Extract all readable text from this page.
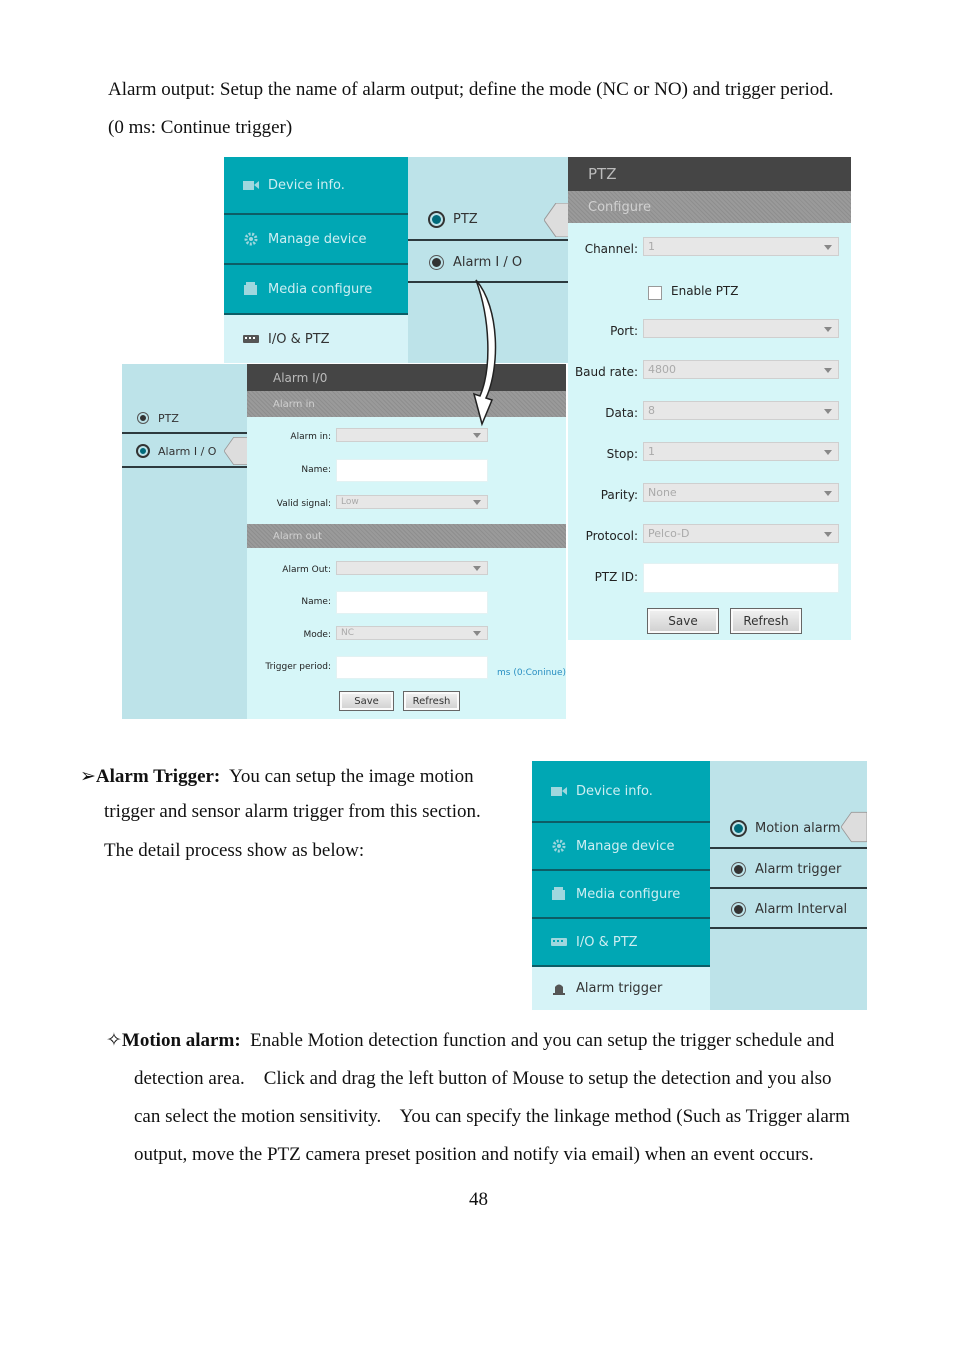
Alarm output: Setup the name of alarm output; define the mode (NC or NO) and trigger period.
(0 ms: Continue trigger)
Device info.
Manage device
Media configure
I/O & PTZ
PTZ
Alarm I / O
PTZ
Configure
Channel: 1
Enable PTZ
Port:
Baud rate: 4800
Data: 8
Stop: 1
Parity: None
Protocol: Pelco-D
PTZ ID:
Save	Refresh
PTZ
Alarm I / O
Alarm I/0
Alarm in
Alarm in:
Name:
Valid signal:	Low
Alarm out
Alarm Out:
Name:
Mode:	NC
Trigger period:
ms (0:Coninue)
Save	Refresh
➢Alarm Trigger: You can setup the image motion
trigger and sensor alarm trigger from this section.
The detail process show as below:
Device info.
Manage device
Media configure
I/O & PTZ
Alarm trigger
Motion alarm
Alarm trigger
Alarm Interval
✧Motion alarm: Enable Motion detection function and you can setup the trigger schedule and
detection area.    Click and drag the left button of Mouse to setup the detection and you also
can select the motion sensitivity.    You can specify the linkage method (Such as Trigger alarm
output, move the PTZ camera preset position and notify via email) when an event occurs.
48
